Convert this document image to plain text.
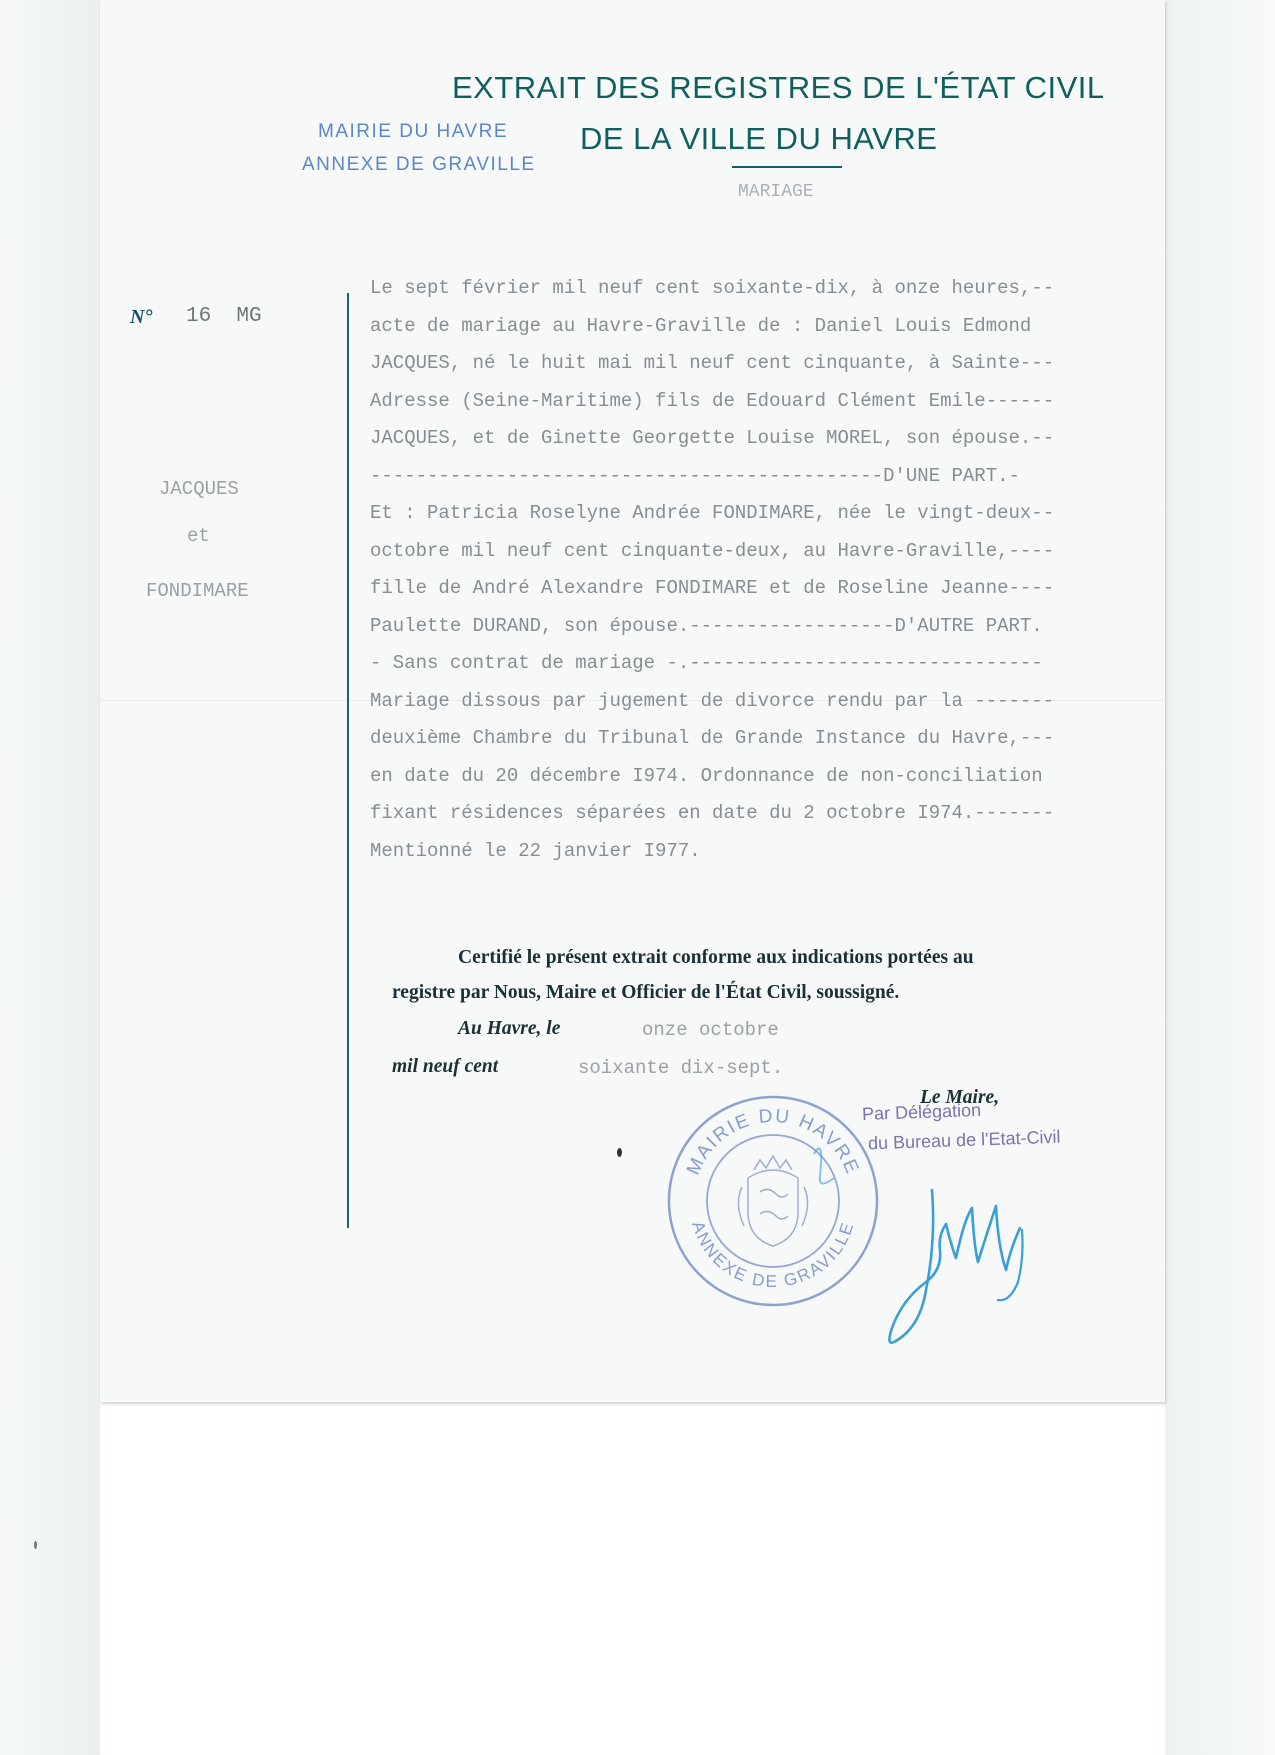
EXTRAIT DES REGISTRES DE L'ÉTAT CIVIL
DE LA VILLE DU HAVRE
MAIRIE DU HAVRE
ANNEXE DE GRAVILLE
MARIAGE
N° 16  MG
JACQUES
et
FONDIMARE
Le sept février mil neuf cent soixante-dix, à onze heures,--
acte de mariage au Havre-Graville de : Daniel Louis Edmond
JACQUES, né le huit mai mil neuf cent cinquante, à Sainte---
Adresse (Seine-Maritime) fils de Edouard Clément Emile------
JACQUES, et de Ginette Georgette Louise MOREL, son épouse.--
---------------------------------------------D'UNE PART.-
Et : Patricia Roselyne Andrée FONDIMARE, née le vingt-deux--
octobre mil neuf cent cinquante-deux, au Havre-Graville,----
fille de André Alexandre FONDIMARE et de Roseline Jeanne----
Paulette DURAND, son épouse.------------------D'AUTRE PART.
- Sans contrat de mariage -.-------------------------------
Mariage dissous par jugement de divorce rendu par la -------
deuxième Chambre du Tribunal de Grande Instance du Havre,---
en date du 20 décembre I974. Ordonnance de non-conciliation
fixant résidences séparées en date du 2 octobre I974.-------
Mentionné le 22 janvier I977.
Certifié le présent extrait conforme aux indications portées au
registre par Nous, Maire et Officier de l'État Civil, soussigné.
Au Havre, le	onze octobre
mil neuf cent	soixante dix-sept.
Le Maire,
Par Délégation
du Bureau de l'Etat-Civil
MAIRIE DU HAVRE
ANNEXE DE GRAVILLE
